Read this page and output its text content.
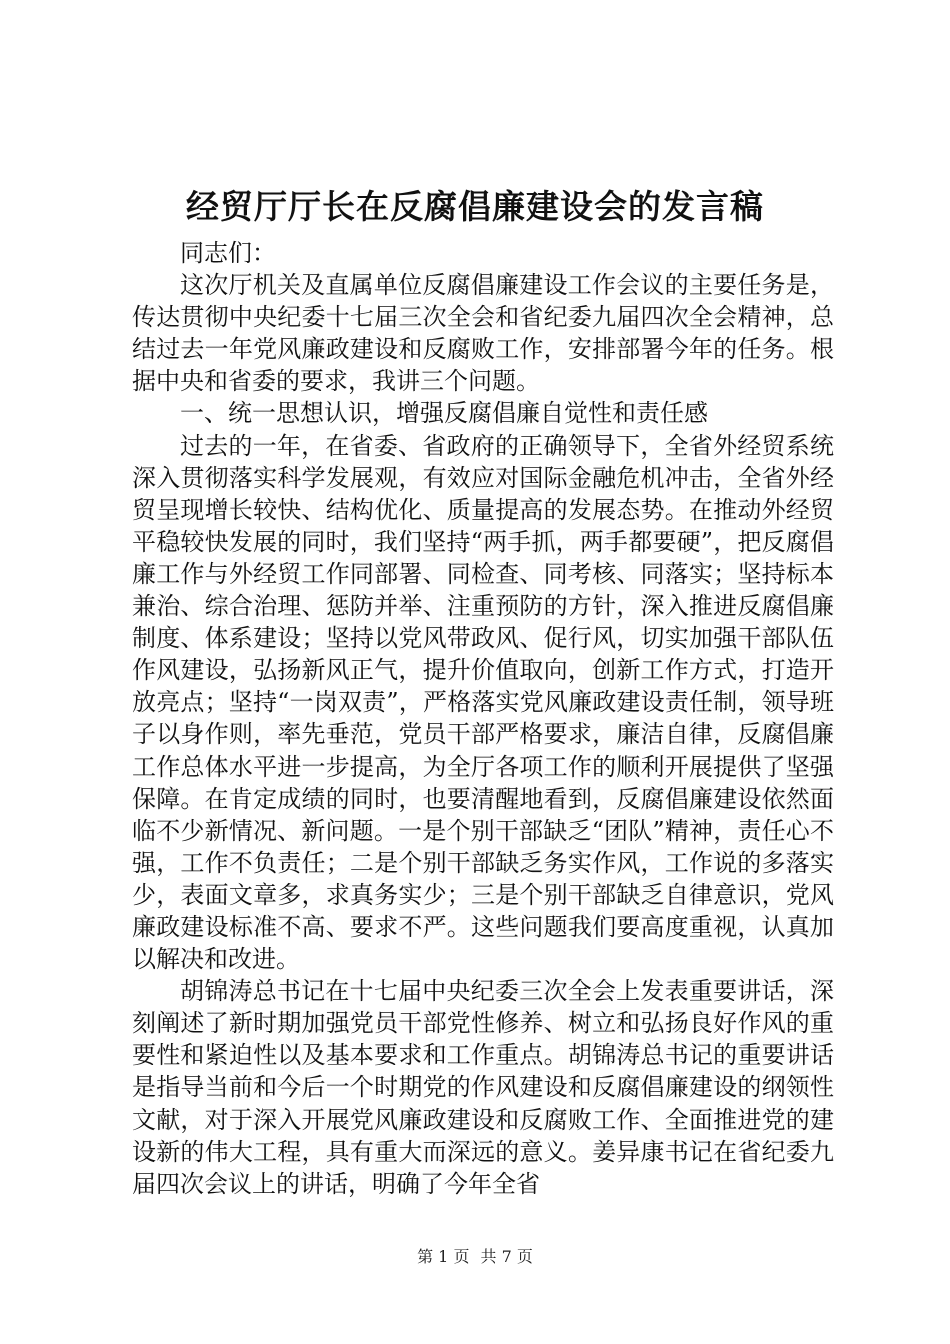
经贸厅厅长在反腐倡廉建设会的发言稿

同志们：

这次厅机关及直属单位反腐倡廉建设工作会议的主要任务是，传达贯彻中央纪委十七届三次全会和省纪委九届四次全会精神，总结过去一年党风廉政建设和反腐败工作，安排部署今年的任务。根据中央和省委的要求，我讲三个问题。

一、统一思想认识，增强反腐倡廉自觉性和责任感

过去的一年，在省委、省政府的正确领导下，全省外经贸系统深入贯彻落实科学发展观，有效应对国际金融危机冲击，全省外经贸呈现增长较快、结构优化、质量提高的发展态势。在推动外经贸平稳较快发展的同时，我们坚持“两手抓，两手都要硬”，把反腐倡廉工作与外经贸工作同部署、同检查、同考核、同落实；坚持标本兼治、综合治理、惩防并举、注重预防的方针，深入推进反腐倡廉制度、体系建设；坚持以党风带政风、促行风，切实加强干部队伍作风建设，弘扬新风正气，提升价值取向，创新工作方式，打造开放亮点；坚持“一岗双责”，严格落实党风廉政建设责任制，领导班子以身作则，率先垂范，党员干部严格要求，廉洁自律，反腐倡廉工作总体水平进一步提高，为全厅各项工作的顺利开展提供了坚强保障。在肯定成绩的同时，也要清醒地看到，反腐倡廉建设依然面临不少新情况、新问题。一是个别干部缺乏“团队”精神，责任心不强，工作不负责任；二是个别干部缺乏务实作风，工作说的多落实少，表面文章多，求真务实少；三是个别干部缺乏自律意识，党风廉政建设标准不高、要求不严。这些问题我们要高度重视，认真加以解决和改进。

胡锦涛总书记在十七届中央纪委三次全会上发表重要讲话，深刻阐述了新时期加强党员干部党性修养、树立和弘扬良好作风的重要性和紧迫性以及基本要求和工作重点。胡锦涛总书记的重要讲话是指导当前和今后一个时期党的作风建设和反腐倡廉建设的纲领性文献，对于深入开展党风廉政建设和反腐败工作、全面推进党的建设新的伟大工程，具有重大而深远的意义。姜异康书记在省纪委九届四次会议上的讲话，明确了今年全省

第 1 页 共 7 页
